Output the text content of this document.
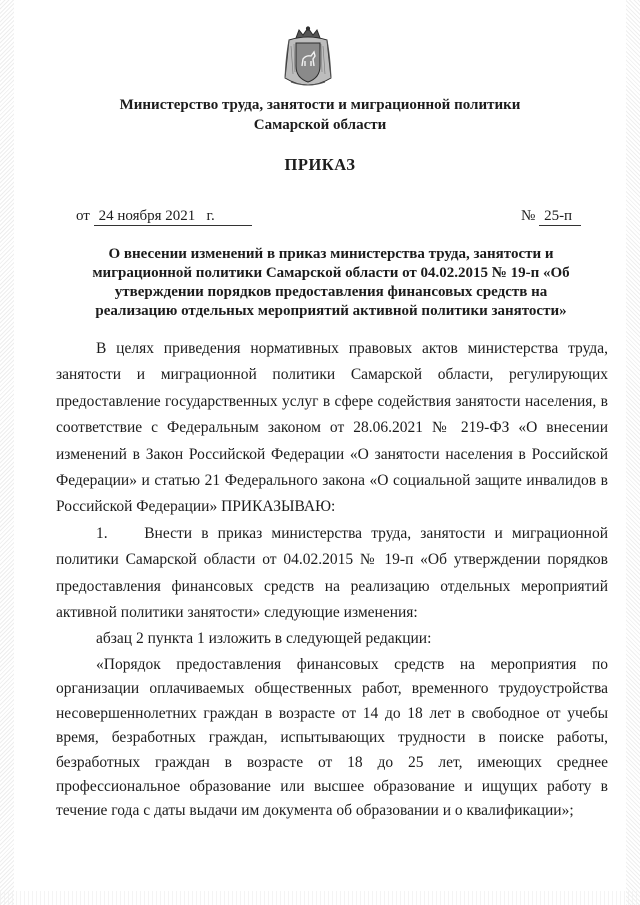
Министерство труда, занятости и миграционной политики
Самарской области
ПРИКАЗ
от 24 ноября 2021 г.	№ 25-п
О внесении изменений в приказ министерства труда, занятости и миграционной политики Самарской области от 04.02.2015 № 19-п «Об утверждении порядков предоставления финансовых средств на реализацию отдельных мероприятий активной политики занятости»

В целях приведения нормативных правовых актов министерства труда, занятости и миграционной политики Самарской области, регулирующих предоставление государственных услуг в сфере содействия занятости населения, в соответствие с Федеральным законом от 28.06.2021 № 219-ФЗ «О внесении изменений в Закон Российской Федерации «О занятости населения в Российской Федерации» и статью 21 Федерального закона «О социальной защите инвалидов в Российской Федерации» ПРИКАЗЫВАЮ:

1.    Внести в приказ министерства труда, занятости и миграционной политики Самарской области от 04.02.2015 № 19-п «Об утверждении порядков предоставления финансовых средств на реализацию отдельных мероприятий активной политики занятости» следующие изменения:

абзац 2 пункта 1 изложить в следующей редакции:

«Порядок предоставления финансовых средств на мероприятия по организации оплачиваемых общественных работ, временного трудоустройства несовершеннолетних граждан в возрасте от 14 до 18 лет в свободное от учебы время, безработных граждан, испытывающих трудности в поиске работы, безработных граждан в возрасте от 18 до 25 лет, имеющих среднее профессиональное образование или высшее образование и ищущих работу в течение года с даты выдачи им документа об образовании и о квалификации»;
